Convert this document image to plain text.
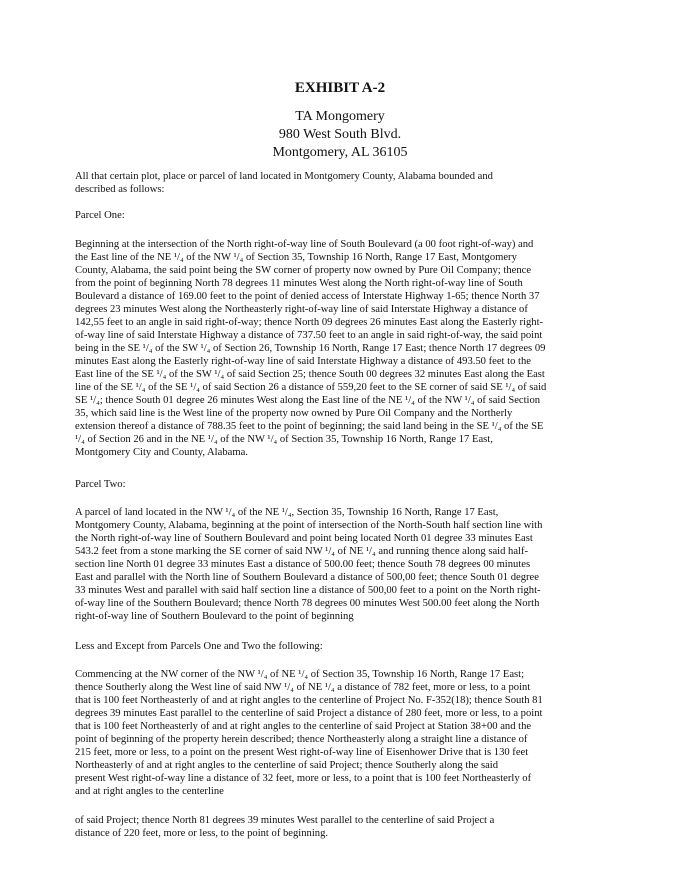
EXHIBIT A-2
TA Mongomery
980 West South Blvd.
Montgomery, AL 36105
All that certain plot, place or parcel of land located in Montgomery County, Alabama bounded and
described as follows:
Parcel One:
Beginning at the intersection of the North right-of-way line of South Boulevard (a 00 foot right-of-way) and
the East line of the NE ¹/₄ of the NW ¹/₄ of Section 35, Township 16 North, Range 17 East, Montgomery
County, Alabama, the said point being the SW corner of property now owned by Pure Oil Company; thence
from the point of beginning North 78 degrees 11 minutes West along the North right-of-way line of South
Boulevard a distance of 169.00 feet to the point of denied access of Interstate Highway 1-65; thence North 37
degrees 23 minutes West along the Northeasterly right-of-way line of said Interstate Highway a distance of
142,55 feet to an angle in said right-of-way; thence North 09 degrees 26 minutes East along the Easterly right-
of-way line of said Interstate Highway a distance of 737.50 feet to an angle in said right-of-way, the said point
being in the SE ¹/₄ of the SW ¹/₄ of Section 26, Township 16 North, Range 17 East; thence North 17 degrees 09
minutes East along the Easterly right-of-way line of said Interstate Highway a distance of 493.50 feet to the
East line of the SE ¹/₄ of the SW ¹/₄ of said Section 25; thence South 00 degrees 32 minutes East along the East
line of the SE ¹/₄ of the SE ¹/₄ of said Section 26 a distance of 559,20 feet to the SE corner of said SE ¹/₄ of said
SE ¹/₄; thence South 01 degree 26 minutes West along the East line of the NE ¹/₄ of the NW ¹/₄ of said Section
35, which said line is the West line of the property now owned by Pure Oil Company and the Northerly
extension thereof a distance of 788.35 feet to the point of beginning; the said land being in the SE ¹/₄ of the SE
¹/₄ of Section 26 and in the NE ¹/₄ of the NW ¹/₄ of Section 35, Township 16 North, Range 17 East,
Montgomery City and County, Alabama.
Parcel Two:
A parcel of land located in the NW ¹/₄ of the NE ¹/₄, Section 35, Township 16 North, Range 17 East,
Montgomery County, Alabama, beginning at the point of intersection of the North-South half section line with
the North right-of-way line of Southern Boulevard and point being located North 01 degree 33 minutes East
543.2 feet from a stone marking the SE corner of said NW ¹/₄ of NE ¹/₄ and running thence along said half-
section line North 01 degree 33 minutes East a distance of 500.00 feet; thence South 78 degrees 00 minutes
East and parallel with the North line of Southern Boulevard a distance of 500,00 feet; thence South 01 degree
33 minutes West and parallel with said half section line a distance of 500,00 feet to a point on the North right-
of-way line of the Southern Boulevard; thence North 78 degrees 00 minutes West 500.00 feet along the North
right-of-way line of Southern Boulevard to the point of beginning
Less and Except from Parcels One and Two the following:
Commencing at the NW corner of the NW ¹/₄ of NE ¹/₄ of Section 35, Township 16 North, Range 17 East;
thence Southerly along the West line of said NW ¹/₄ of NE ¹/₄ a distance of 782 feet, more or less, to a point
that is 100 feet Northeasterly of and at right angles to the centerline of Project No. F-352(18); thence South 81
degrees 39 minutes East parallel to the centerline of said Project a distance of 280 feet, more or less, to a point
that is 100 feet Northeasterly of and at right angles to the centerline of said Project at Station 38+00 and the
point of beginning of the property herein described; thence Northeasterly along a straight line a distance of
215 feet, more or less, to a point on the present West right-of-way line of Eisenhower Drive that is 130 feet
Northeasterly of and at right angles to the centerline of said Project; thence Southerly along the said
present West right-of-way line a distance of 32 feet, more or less, to a point that is 100 feet Northeasterly of
and at right angles to the centerline
of said Project; thence North 81 degrees 39 minutes West parallel to the centerline of said Project a
distance of 220 feet, more or less, to the point of beginning.
